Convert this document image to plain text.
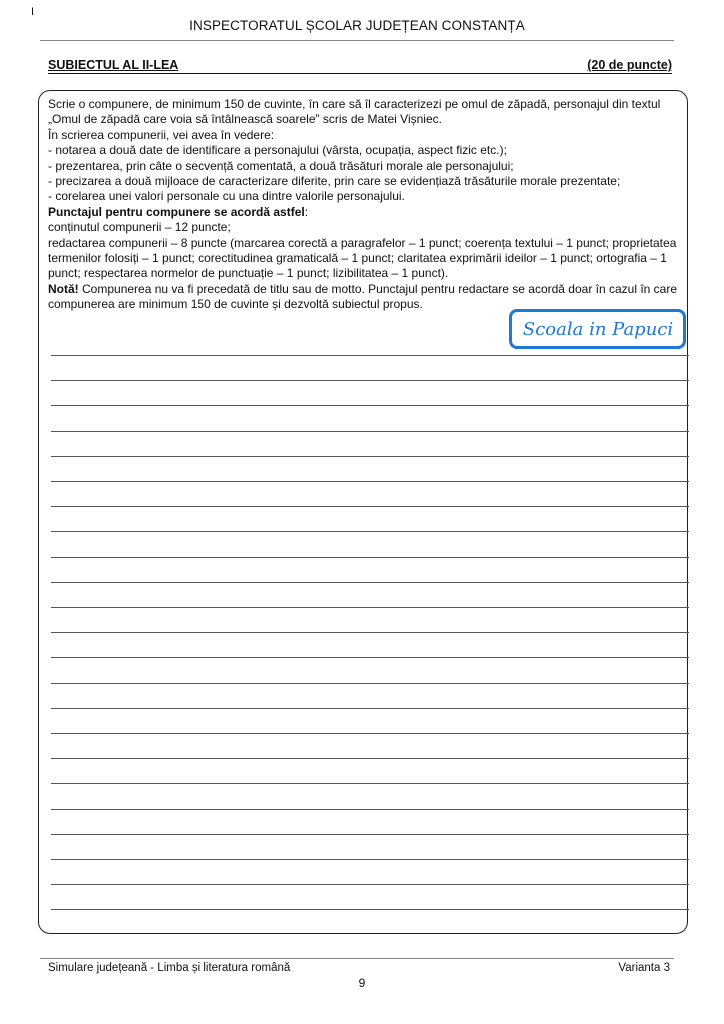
I
INSPECTORATUL ȘCOLAR JUDEȚEAN CONSTANȚA
SUBIECTUL AL II-LEA	(20 de puncte)

Scrie o compunere, de minimum 150 de cuvinte, în care să îl caracterizezi pe omul de zăpadă, personajul din textul „Omul de zăpadă care voia să întâlnească soarele” scris de Matei Vișniec.

În scrierea compunerii, vei avea în vedere:

- notarea a două date de identificare a personajului (vârsta, ocupația, aspect fizic etc.);

- prezentarea, prin câte o secvență comentată, a două trăsături morale ale personajului;

- precizarea a două mijloace de caracterizare diferite, prin care se evidențiază trăsăturile morale prezentate;

- corelarea unei valori personale cu una dintre valorile personajului.

Punctajul pentru compunere se acordă astfel:

conținutul compunerii – 12 puncte;

redactarea compunerii – 8 puncte (marcarea corectă a paragrafelor – 1 punct; coerența textului – 1 punct; proprietatea termenilor folosiți – 1 punct; corectitudinea gramaticală – 1 punct; claritatea exprimării ideilor – 1 punct; ortografia – 1 punct; respectarea normelor de punctuație – 1 punct; lizibilitatea – 1 punct).

Notă! Compunerea nu va fi precedată de titlu sau de motto. Punctajul pentru redactare se acordă doar în cazul în care compunerea are minimum 150 de cuvinte și dezvoltă subiectul propus.

Scoala in Papuci
Simulare județeană - Limba și literatura română	Varianta 3
9
